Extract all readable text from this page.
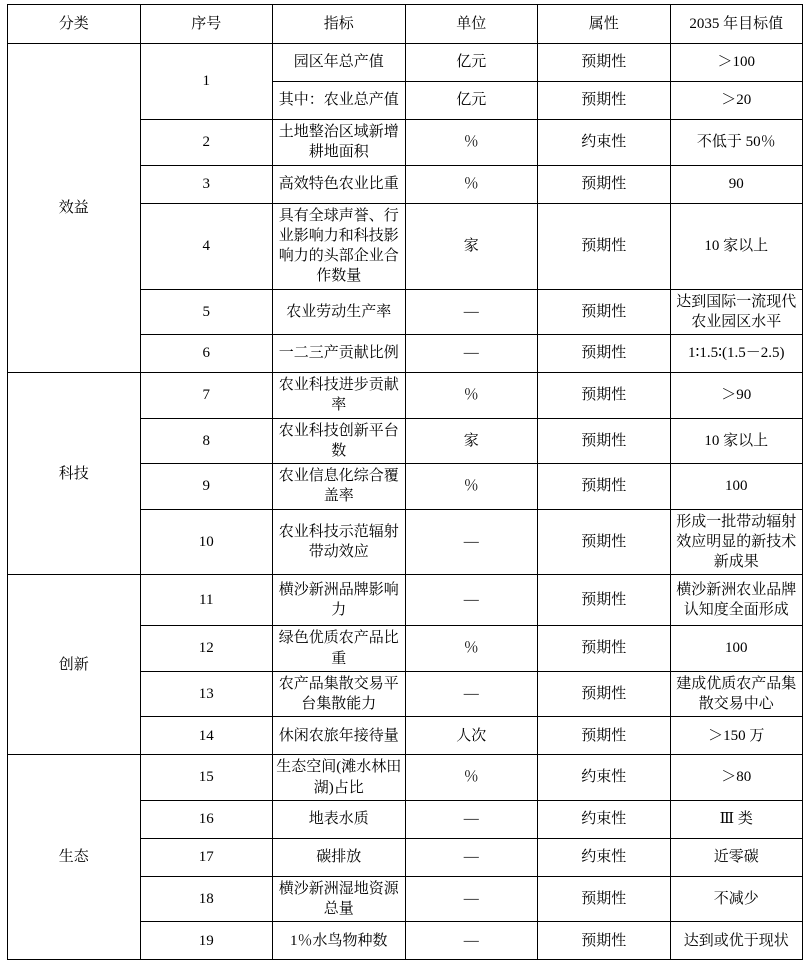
分类	序号	指标	单位	属性	2035 年目标值
效益	1	园区年总产值	亿元	预期性	＞100
		其中：农业总产值	亿元	预期性	＞20
	2	土地整治区域新增耕地面积	％	约束性	不低于 50％
	3	高效特色农业比重	％	预期性	90
	4	具有全球声誉、行业影响力和科技影响力的头部企业合作数量	家	预期性	10 家以上
	5	农业劳动生产率	—	预期性	达到国际一流现代农业园区水平
	6	一二三产贡献比例	—	预期性	1∶1.5∶(1.5－2.5)
科技	7	农业科技进步贡献率	％	预期性	＞90
	8	农业科技创新平台数	家	预期性	10 家以上
	9	农业信息化综合覆盖率	％	预期性	100
	10	农业科技示范辐射带动效应	—	预期性	形成一批带动辐射效应明显的新技术新成果
创新	11	横沙新洲品牌影响力	—	预期性	横沙新洲农业品牌认知度全面形成
	12	绿色优质农产品比重	％	预期性	100
	13	农产品集散交易平台集散能力	—	预期性	建成优质农产品集散交易中心
	14	休闲农旅年接待量	人次	预期性	＞150 万
生态	15	生态空间(滩水林田湖)占比	％	约束性	＞80
	16	地表水质	—	约束性	Ⅲ 类
	17	碳排放	—	约束性	近零碳
	18	横沙新洲湿地资源总量	—	预期性	不减少
	19	1％水鸟物种数	—	预期性	达到或优于现状
